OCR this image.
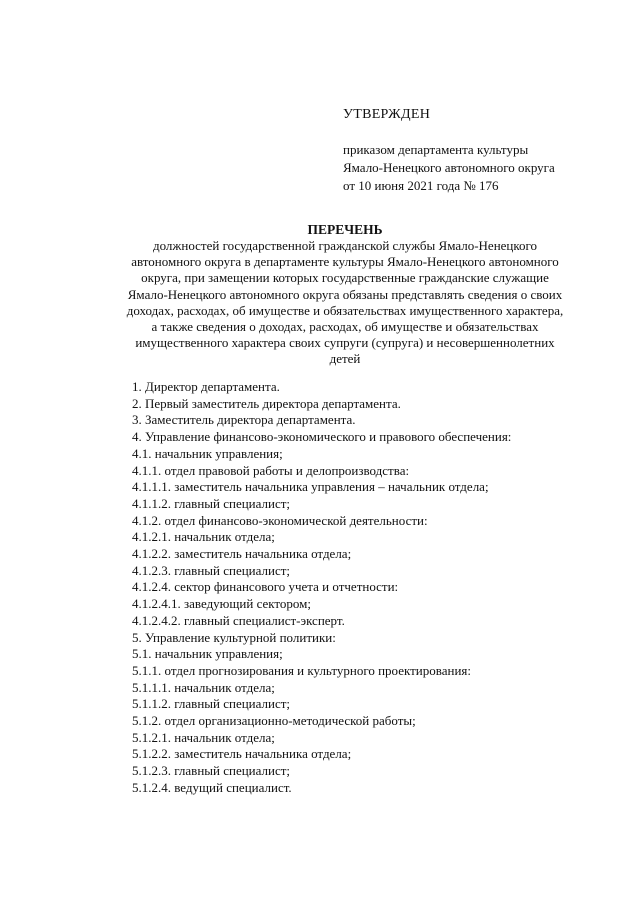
УТВЕРЖДЕН
приказом департамента культуры
Ямало-Ненецкого автономного округа
от 10 июня 2021 года № 176
ПЕРЕЧЕНЬ
должностей государственной гражданской службы Ямало-Ненецкого
автономного округа в департаменте культуры Ямало-Ненецкого автономного
округа, при замещении которых государственные гражданские служащие
Ямало-Ненецкого автономного округа обязаны представлять сведения о своих
доходах, расходах, об имуществе и обязательствах имущественного характера,
а также сведения о доходах, расходах, об имуществе и обязательствах
имущественного характера своих супруги (супруга) и несовершеннолетних
детей
1. Директор департамента.
2. Первый заместитель директора департамента.
3. Заместитель директора департамента.
4. Управление финансово-экономического и правового обеспечения:
4.1. начальник управления;
4.1.1. отдел правовой работы и делопроизводства:
4.1.1.1. заместитель начальника управления – начальник отдела;
4.1.1.2. главный специалист;
4.1.2. отдел финансово-экономической деятельности:
4.1.2.1. начальник отдела;
4.1.2.2. заместитель начальника отдела;
4.1.2.3. главный специалист;
4.1.2.4. сектор финансового учета и отчетности:
4.1.2.4.1. заведующий сектором;
4.1.2.4.2. главный специалист-эксперт.
5. Управление культурной политики:
5.1. начальник управления;
5.1.1. отдел прогнозирования и культурного проектирования:
5.1.1.1. начальник отдела;
5.1.1.2. главный специалист;
5.1.2. отдел организационно-методической работы;
5.1.2.1. начальник отдела;
5.1.2.2. заместитель начальника отдела;
5.1.2.3. главный специалист;
5.1.2.4. ведущий специалист.
